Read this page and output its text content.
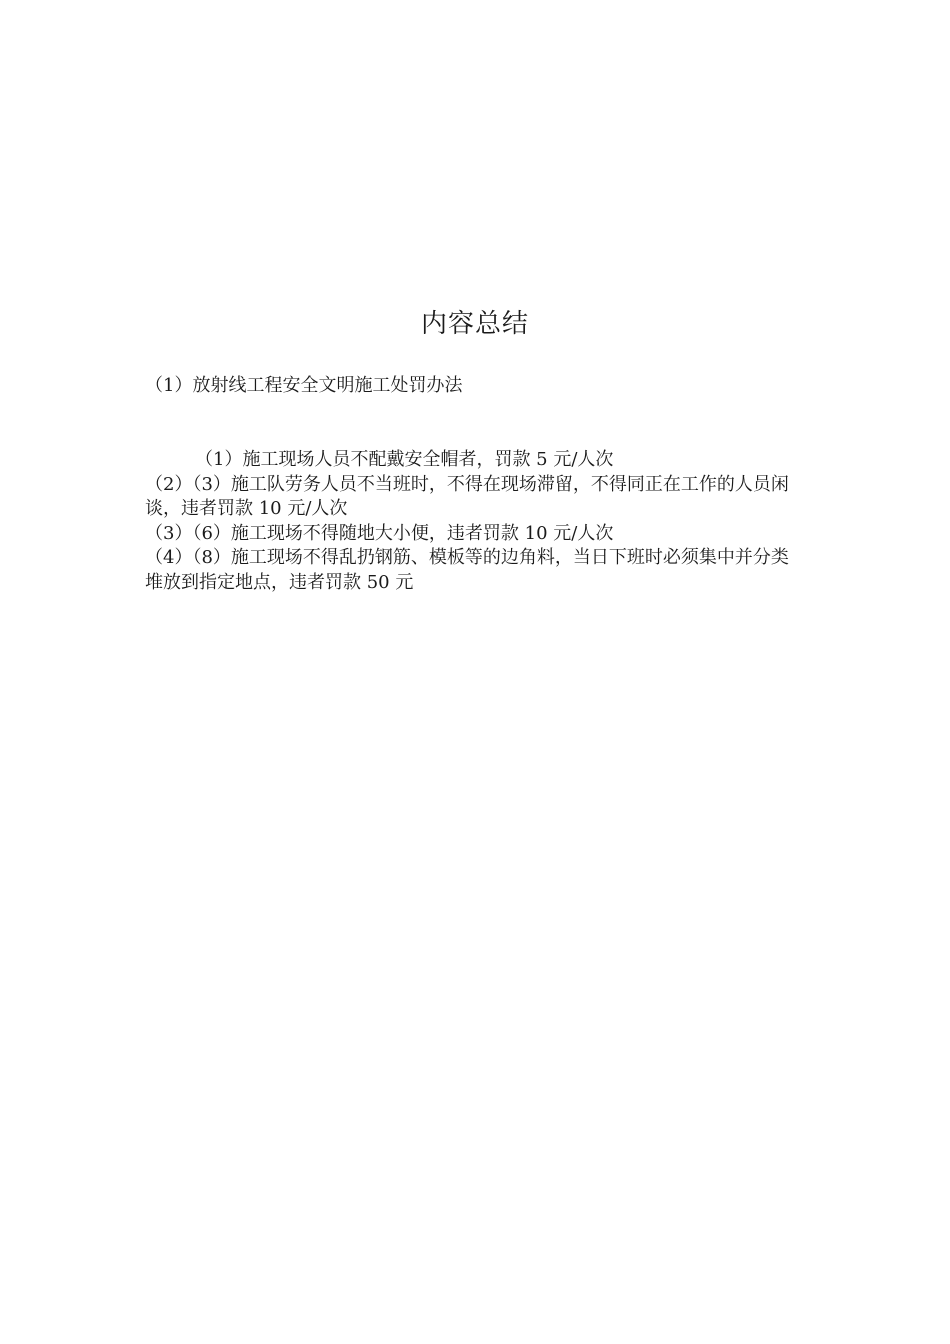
内容总结
（1）放射线工程安全文明施工处罚办法

（1）施工现场人员不配戴安全帽者，罚款 5 元/人次

（2）（3）施工队劳务人员不当班时，不得在现场滞留，不得同正在工作的人员闲谈，违者罚款 10 元/人次

（3）（6）施工现场不得随地大小便，违者罚款 10 元/人次

（4）（8）施工现场不得乱扔钢筋、模板等的边角料，当日下班时必须集中并分类堆放到指定地点，违者罚款 50 元
